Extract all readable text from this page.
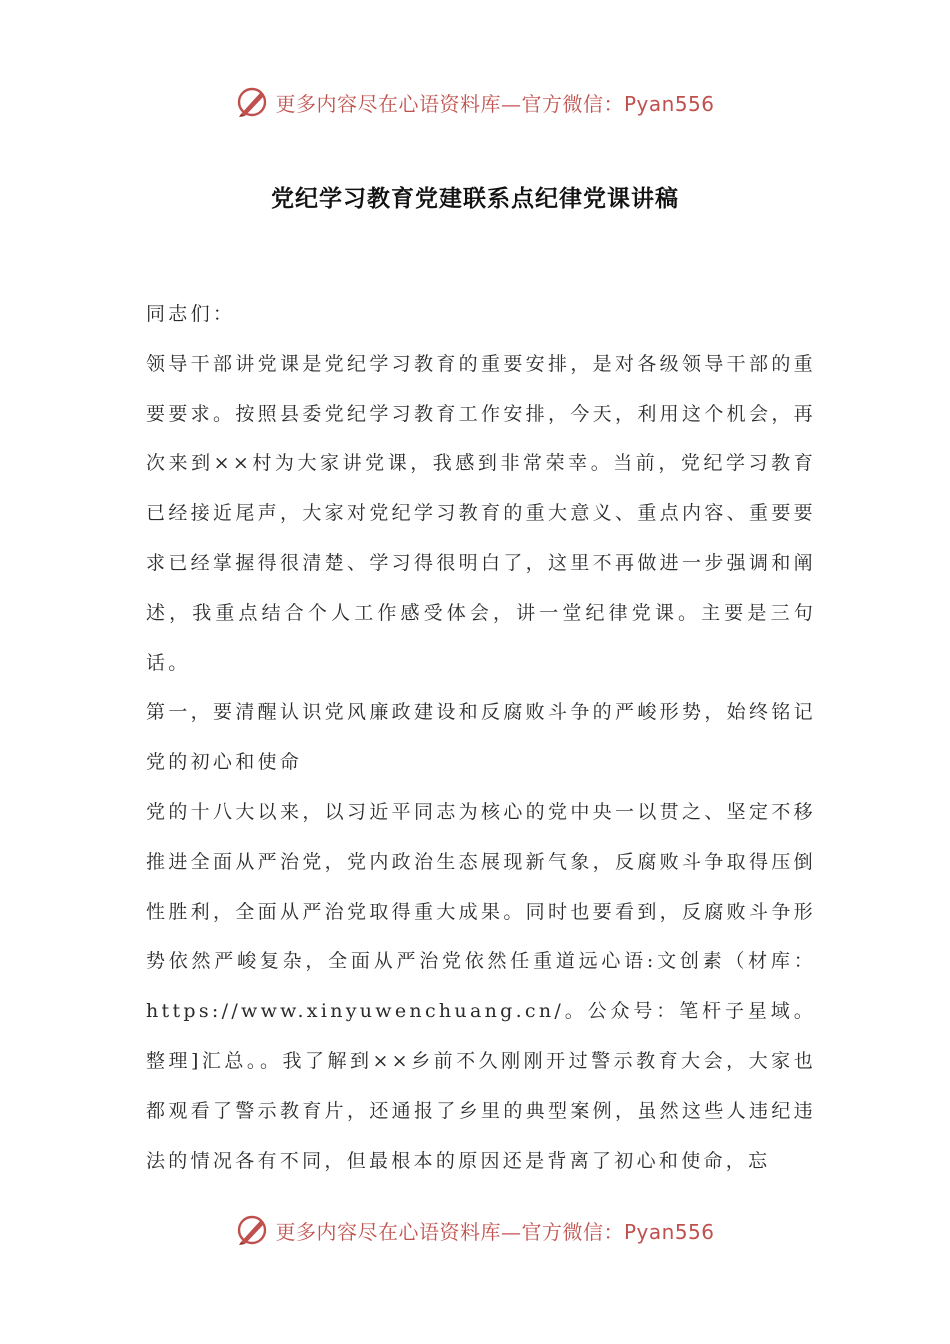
更多内容尽在心语资料库—官方微信：Pyan556
党纪学习教育党建联系点纪律党课讲稿

同志们：

领导干部讲党课是党纪学习教育的重要安排，是对各级领导干部的重要要求。按照县委党纪学习教育工作安排，今天，利用这个机会，再次来到××村为大家讲党课，我感到非常荣幸。当前，党纪学习教育已经接近尾声，大家对党纪学习教育的重大意义、重点内容、重要要求已经掌握得很清楚、学习得很明白了，这里不再做进一步强调和阐述，我重点结合个人工作感受体会，讲一堂纪律党课。主要是三句话。

第一，要清醒认识党风廉政建设和反腐败斗争的严峻形势，始终铭记党的初心和使命

党的十八大以来，以习近平同志为核心的党中央一以贯之、坚定不移推进全面从严治党，党内政治生态展现新气象，反腐败斗争取得压倒性胜利，全面从严治党取得重大成果。同时也要看到，反腐败斗争形势依然严峻复杂，全面从严治党依然任重道远心语:文创素（材库：https://www.xinyuwenchuang.cn/。公众号：笔杆子星域。整理]汇总。。我了解到××乡前不久刚刚开过警示教育大会，大家也都观看了警示教育片，还通报了乡里的典型案例，虽然这些人违纪违法的情况各有不同，但最根本的原因还是背离了初心和使命，忘

更多内容尽在心语资料库—官方微信：Pyan556
